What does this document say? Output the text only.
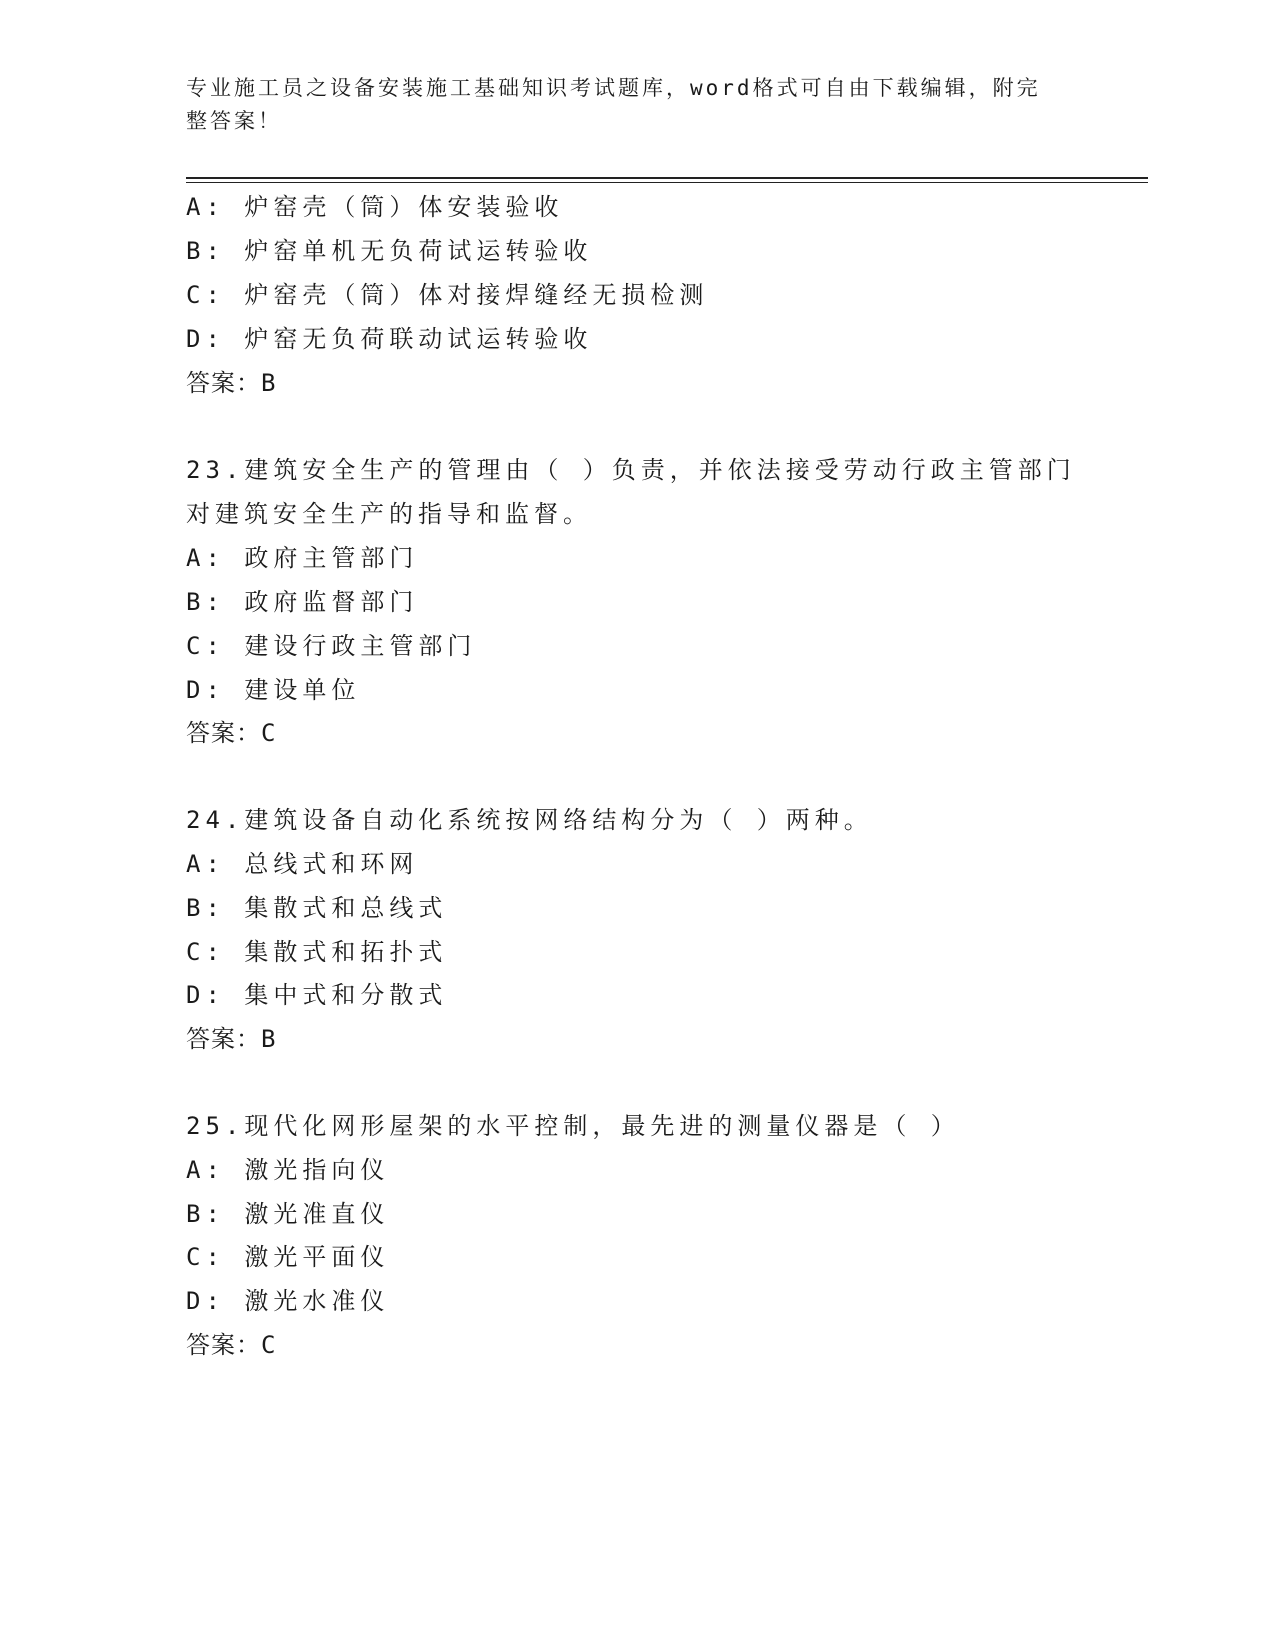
专业施工员之设备安装施工基础知识考试题库，word格式可自由下载编辑，附完
整答案！
A: 炉窑壳（筒）体安装验收
B: 炉窑单机无负荷试运转验收
C: 炉窑壳（筒）体对接焊缝经无损检测
D: 炉窑无负荷联动试运转验收
答案：B
23.建筑安全生产的管理由（ ）负责，并依法接受劳动行政主管部门
对建筑安全生产的指导和监督。
A: 政府主管部门
B: 政府监督部门
C: 建设行政主管部门
D: 建设单位
答案：C
24.建筑设备自动化系统按网络结构分为（ ）两种。
A: 总线式和环网
B: 集散式和总线式
C: 集散式和拓扑式
D: 集中式和分散式
答案：B
25.现代化网形屋架的水平控制，最先进的测量仪器是（ ）
A: 激光指向仪
B: 激光准直仪
C: 激光平面仪
D: 激光水准仪
答案：C
